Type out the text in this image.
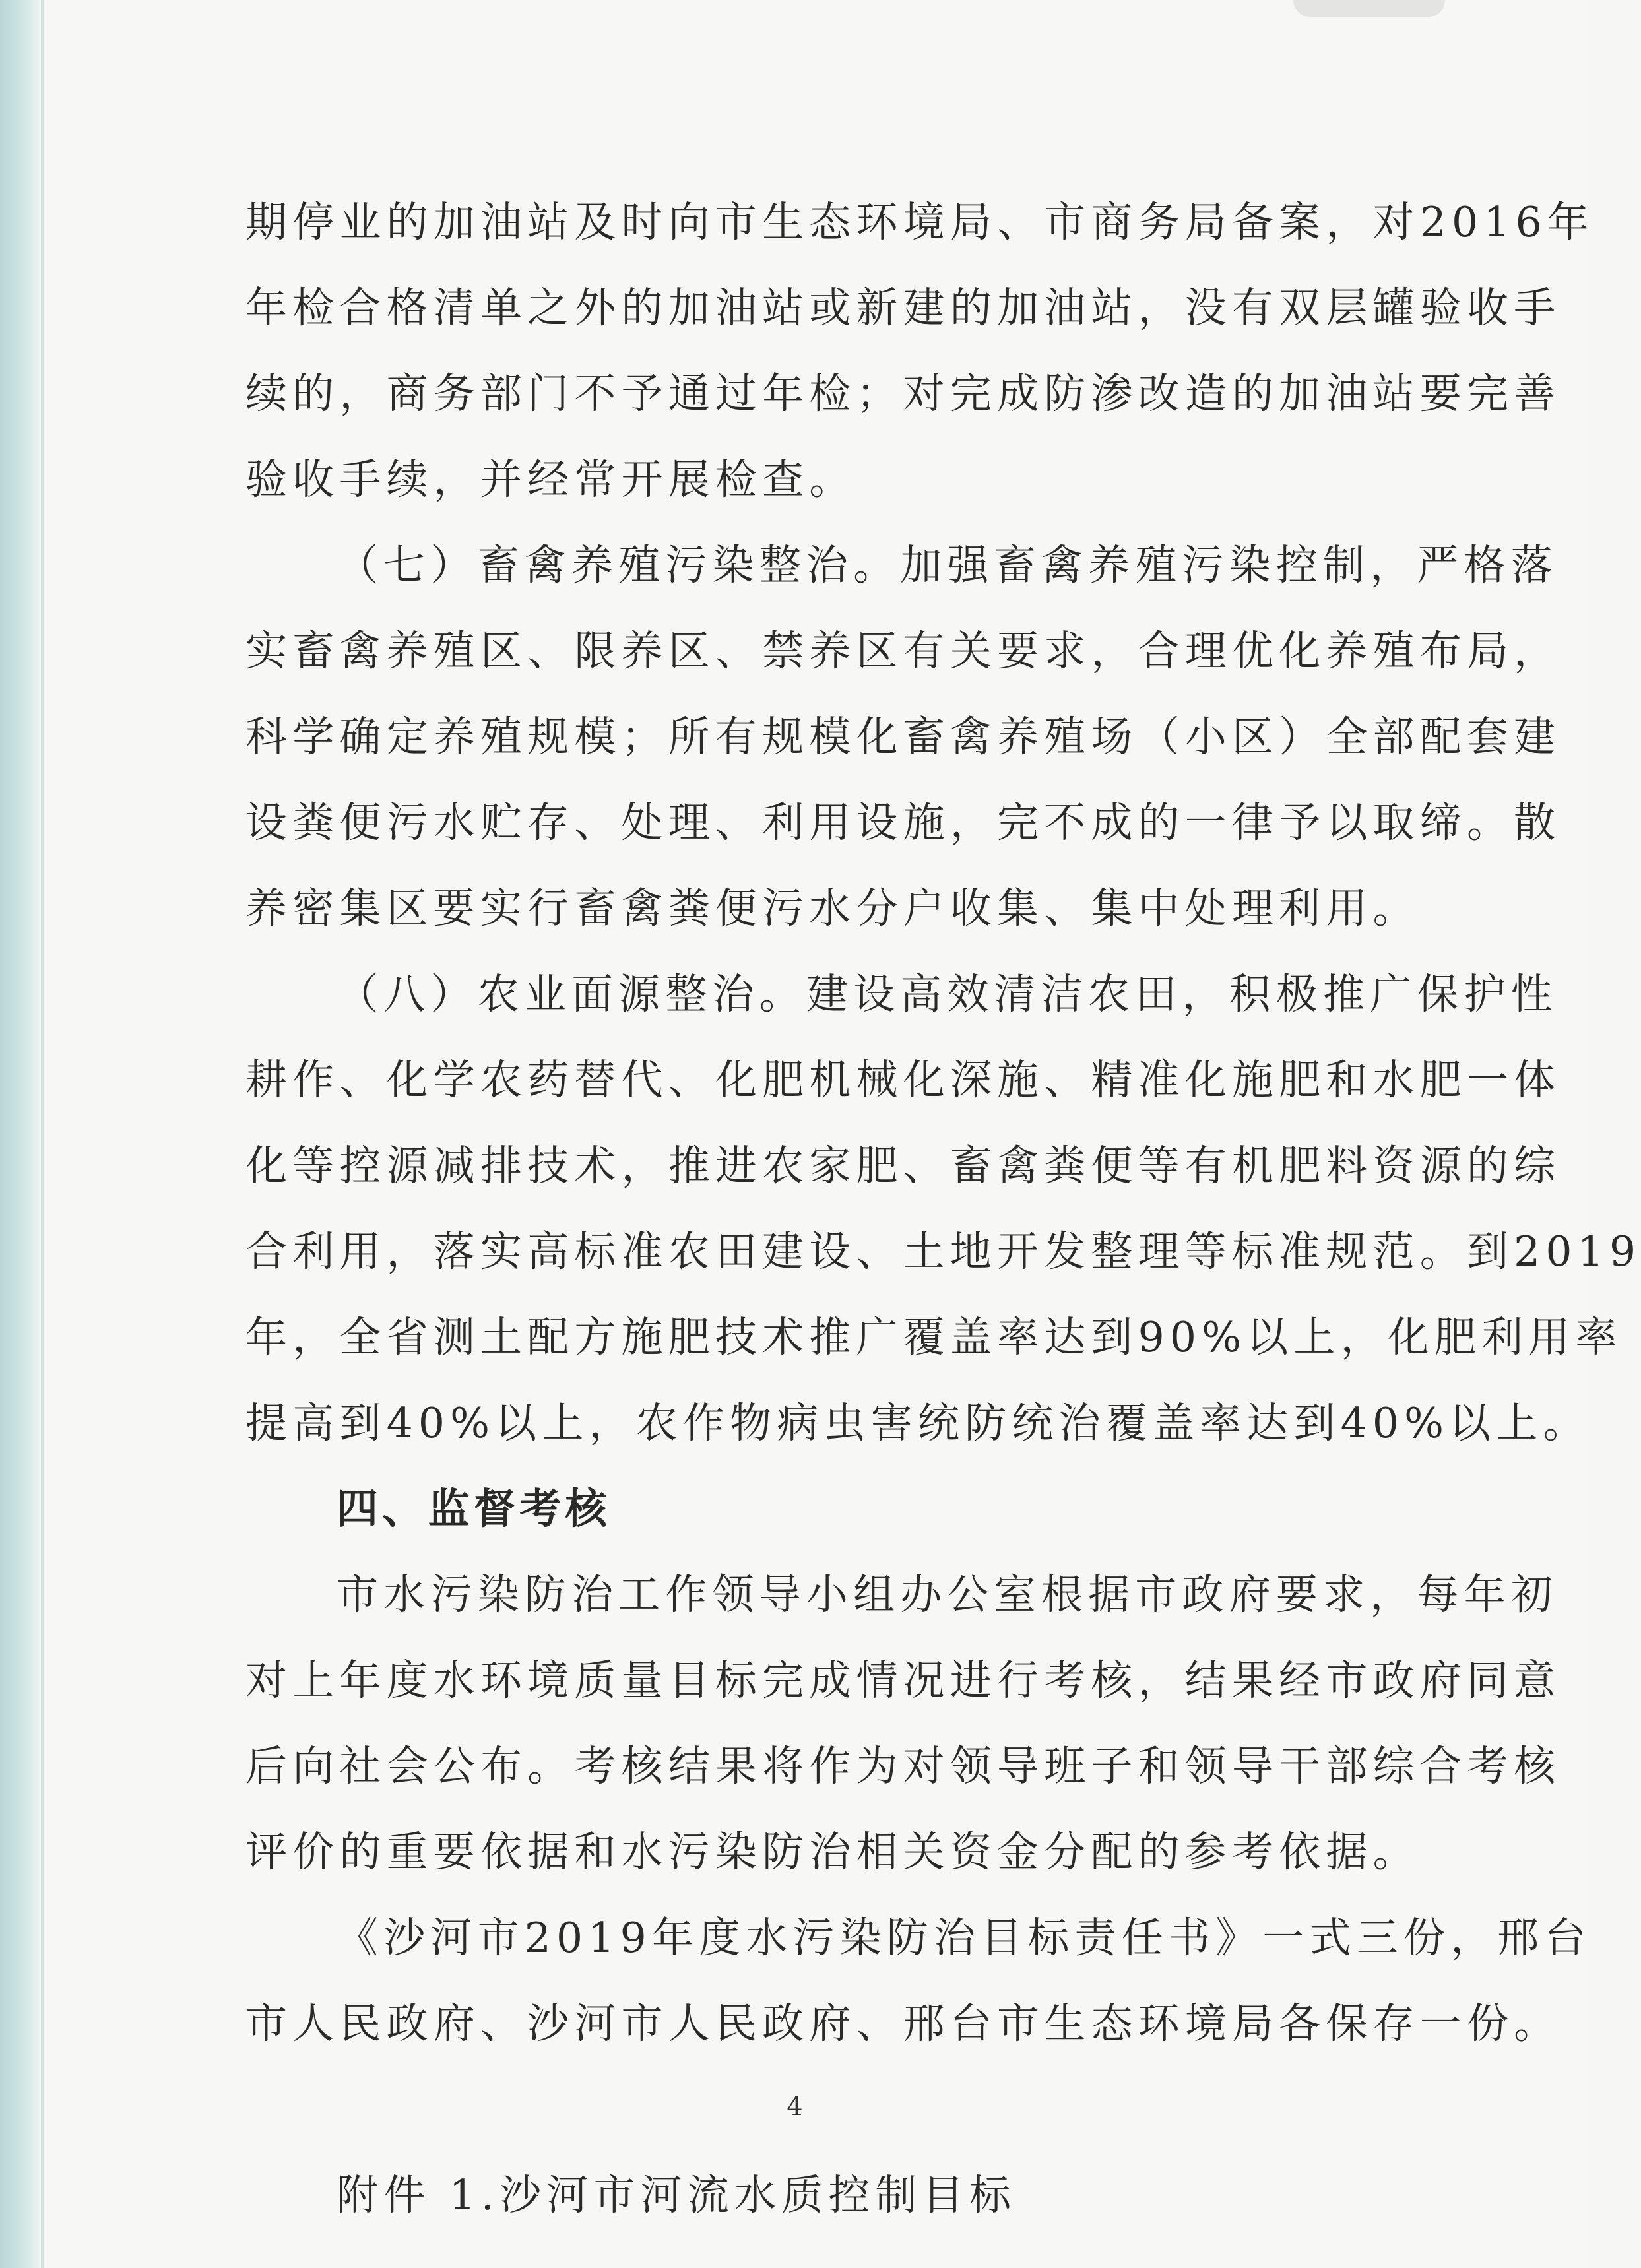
期停业的加油站及时向市生态环境局、市商务局备案，对2016年
年检合格清单之外的加油站或新建的加油站，没有双层罐验收手
续的，商务部门不予通过年检；对完成防渗改造的加油站要完善
验收手续，并经常开展检查。
（七）畜禽养殖污染整治。加强畜禽养殖污染控制，严格落
实畜禽养殖区、限养区、禁养区有关要求，合理优化养殖布局，
科学确定养殖规模；所有规模化畜禽养殖场（小区）全部配套建
设粪便污水贮存、处理、利用设施，完不成的一律予以取缔。散
养密集区要实行畜禽粪便污水分户收集、集中处理利用。
（八）农业面源整治。建设高效清洁农田，积极推广保护性
耕作、化学农药替代、化肥机械化深施、精准化施肥和水肥一体
化等控源减排技术，推进农家肥、畜禽粪便等有机肥料资源的综
合利用，落实高标准农田建设、土地开发整理等标准规范。到2019
年，全省测土配方施肥技术推广覆盖率达到90%以上，化肥利用率
提高到40%以上，农作物病虫害统防统治覆盖率达到40%以上。
四、监督考核
市水污染防治工作领导小组办公室根据市政府要求，每年初
对上年度水环境质量目标完成情况进行考核，结果经市政府同意
后向社会公布。考核结果将作为对领导班子和领导干部综合考核
评价的重要依据和水污染防治相关资金分配的参考依据。
《沙河市2019年度水污染防治目标责任书》一式三份，邢台
市人民政府、沙河市人民政府、邢台市生态环境局各保存一份。
附件 1.沙河市河流水质控制目标
4
